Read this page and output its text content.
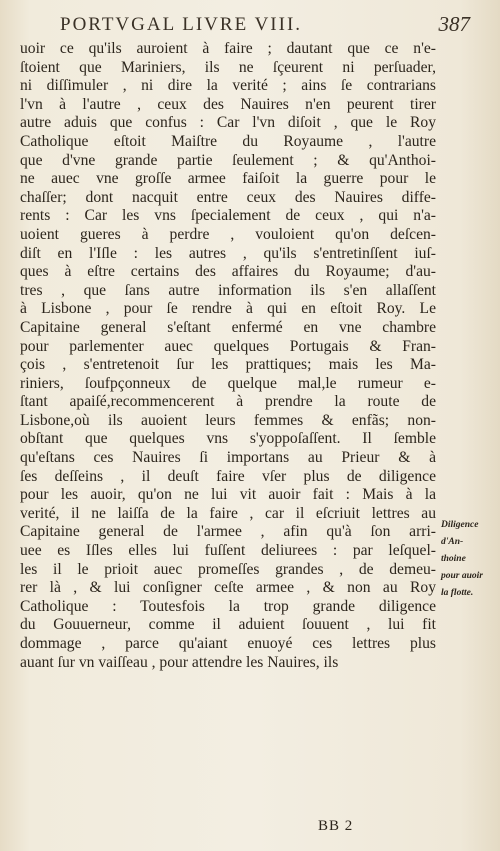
PORTVGAL LIVRE VIII.	387
uoir ce qu'ils auroient à faire ; dautant que ce n'e-
ſtoient que Mariniers, ils ne ſçeurent ni perſuader,
ni diſſimuler , ni dire la verité ; ains ſe contrarians
l'vn à l'autre , ceux des Nauires n'en peurent tirer
autre aduis que confus : Car l'vn diſoit , que le Roy
Catholique eſtoit Maiſtre du Royaume , l'autre
que d'vne grande partie ſeulement ; & qu'Anthoi-
ne auec vne groſſe armee faiſoit la guerre pour le
chaſſer; dont nacquit entre ceux des Nauires diffe-
rents : Car les vns ſpecialement de ceux , qui n'a-
uoient gueres à perdre , vouloient qu'on deſcen-
diſt en l'Iſle : les autres , qu'ils s'entretinſſent iuſ-
ques à eſtre certains des affaires du Royaume; d'au-
tres , que ſans autre information ils s'en allaſſent
à Lisbone , pour ſe rendre à qui en eſtoit Roy. Le
Capitaine general s'eſtant enfermé en vne chambre
pour parlementer auec quelques Portugais & Fran-
çois , s'entretenoit ſur les prattiques; mais les Ma-
riniers, ſoufpçonneux de quelque mal,le rumeur e-
ſtant apaiſé,recommencerent à prendre la route de
Lisbone,où ils auoient leurs femmes & enfãs; non-
obſtant que quelques vns s'yoppoſaſſent. Il ſemble
qu'eſtans ces Nauires ſi importans au Prieur & à
ſes deſſeins , il deuſt faire vſer plus de diligence
pour les auoir, qu'on ne lui vit auoir fait : Mais à la
verité, il ne laiſſa de la faire , car il eſcriuit lettres au
Capitaine general de l'armee , afin qu'à ſon arri-
uee es Iſles elles lui fuſſent deliurees : par leſquel-
les il le prioit auec promeſſes grandes , de demeu-
rer là , & lui conſigner ceſte armee , & non au Roy
Catholique : Toutesfois la trop grande diligence
du Gouuerneur, comme il aduient ſouuent , lui fit
dommage , parce qu'aiant enuoyé ces lettres plus
auant ſur vn vaiſſeau , pour attendre les Nauires, ils
Diligence
d'An-
thoine
pour auoir
la flotte.
BB 2
